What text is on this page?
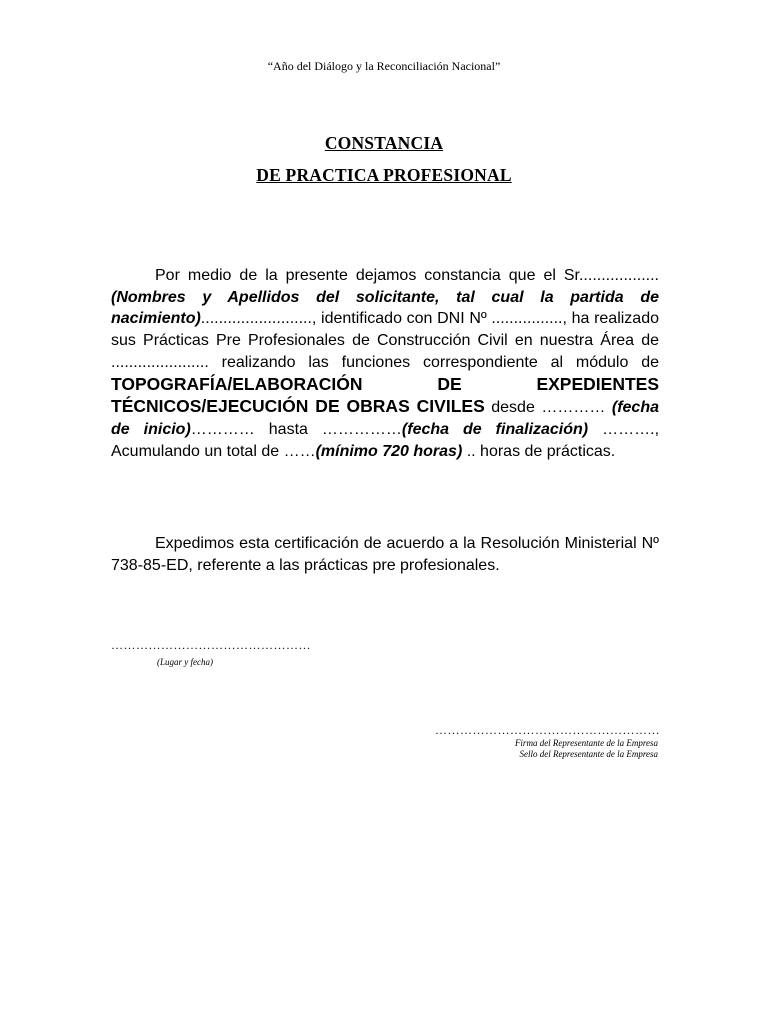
“Año del Diálogo y la Reconciliación Nacional”
CONSTANCIA
DE PRACTICA PROFESIONAL
Por medio de la presente dejamos constancia que el Sr.................. (Nombres y Apellidos del solicitante, tal cual la partida de nacimiento)........................., identificado con DNI Nº ................, ha realizado sus Prácticas Pre Profesionales de Construcción Civil en nuestra Área de ...................... realizando las funciones correspondiente al módulo de TOPOGRAFÍA/ELABORACIÓN DE EXPEDIENTES TÉCNICOS/EJECUCIÓN DE OBRAS CIVILES desde ………… (fecha de inicio)………… hasta ……………(fecha de finalización) ………., Acumulando un total de ……(mínimo 720 horas) .. horas de prácticas.
Expedimos esta certificación de acuerdo a la Resolución Ministerial Nº 738-85-ED, referente a las prácticas pre profesionales.
…………………………………………
(Lugar y fecha)
………………………………………………
Firma del Representante de la Empresa
Sello del Representante de la Empresa
